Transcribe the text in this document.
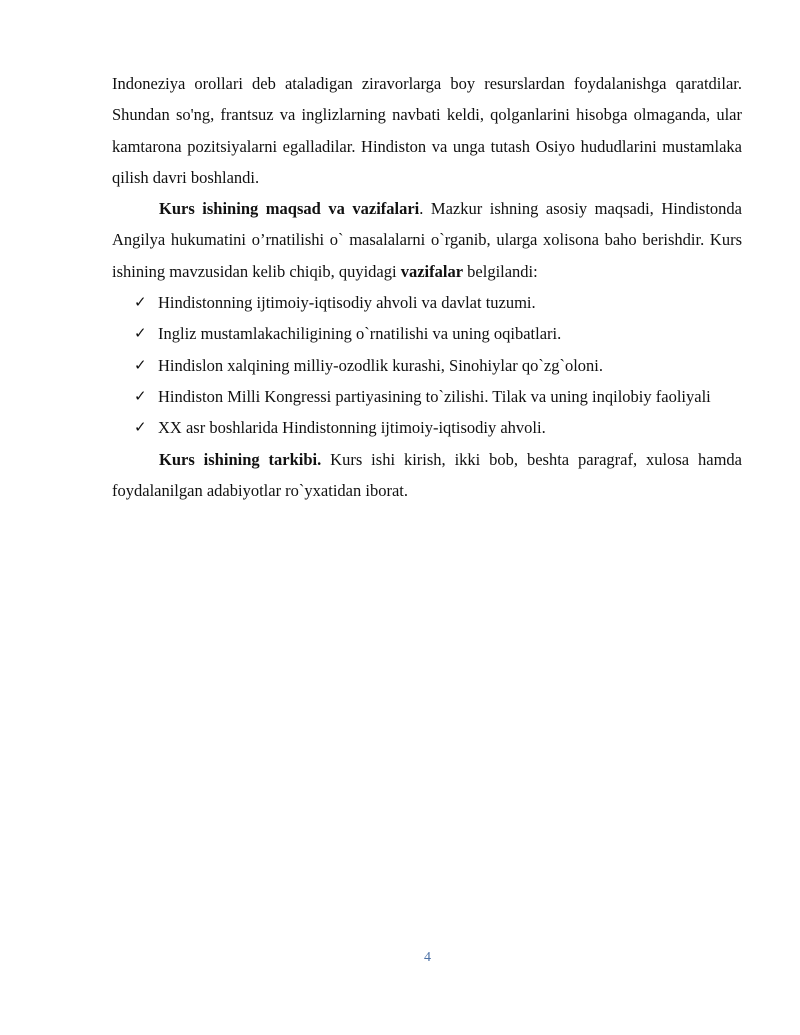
Indoneziya orollari deb ataladigan ziravorlarga boy resurslardan foydalanishga qaratdilar. Shundan so'ng, frantsuz va inglizlarning navbati keldi, qolganlarini hisobga olmaganda, ular kamtarona pozitsiyalarni egalladilar. Hindiston va unga tutash Osiyo hududlarini mustamlaka qilish davri boshlandi.

Kurs ishining maqsad va vazifalari. Mazkur ishning asosiy maqsadi, Hindistonda Angilya hukumatini o’rnatilishi o` masalalarni o`rganib, ularga xolisona baho berishdir. Kurs ishining mavzusidan kelib chiqib, quyidagi vazifalar belgilandi:

✓ Hindistonning ijtimoiy-iqtisodiy ahvoli va davlat tuzumi.
✓ Ingliz mustamlakachiligining o`rnatilishi va uning oqibatlari.
✓ Hindislon xalqining milliy-ozodlik kurashi, Sinohiylar qo`zg`oloni.
✓ Hindiston Milli Kongressi partiyasining to`zilishi. Tilak va uning inqilobiy faoliyali
✓ XX asr boshlarida Hindistonning ijtimoiy-iqtisodiy ahvoli.

Kurs ishining tarkibi. Kurs ishi kirish, ikki bob, beshta paragraf, xulosa hamda foydalanilgan adabiyotlar ro`yxatidan iborat.

4
